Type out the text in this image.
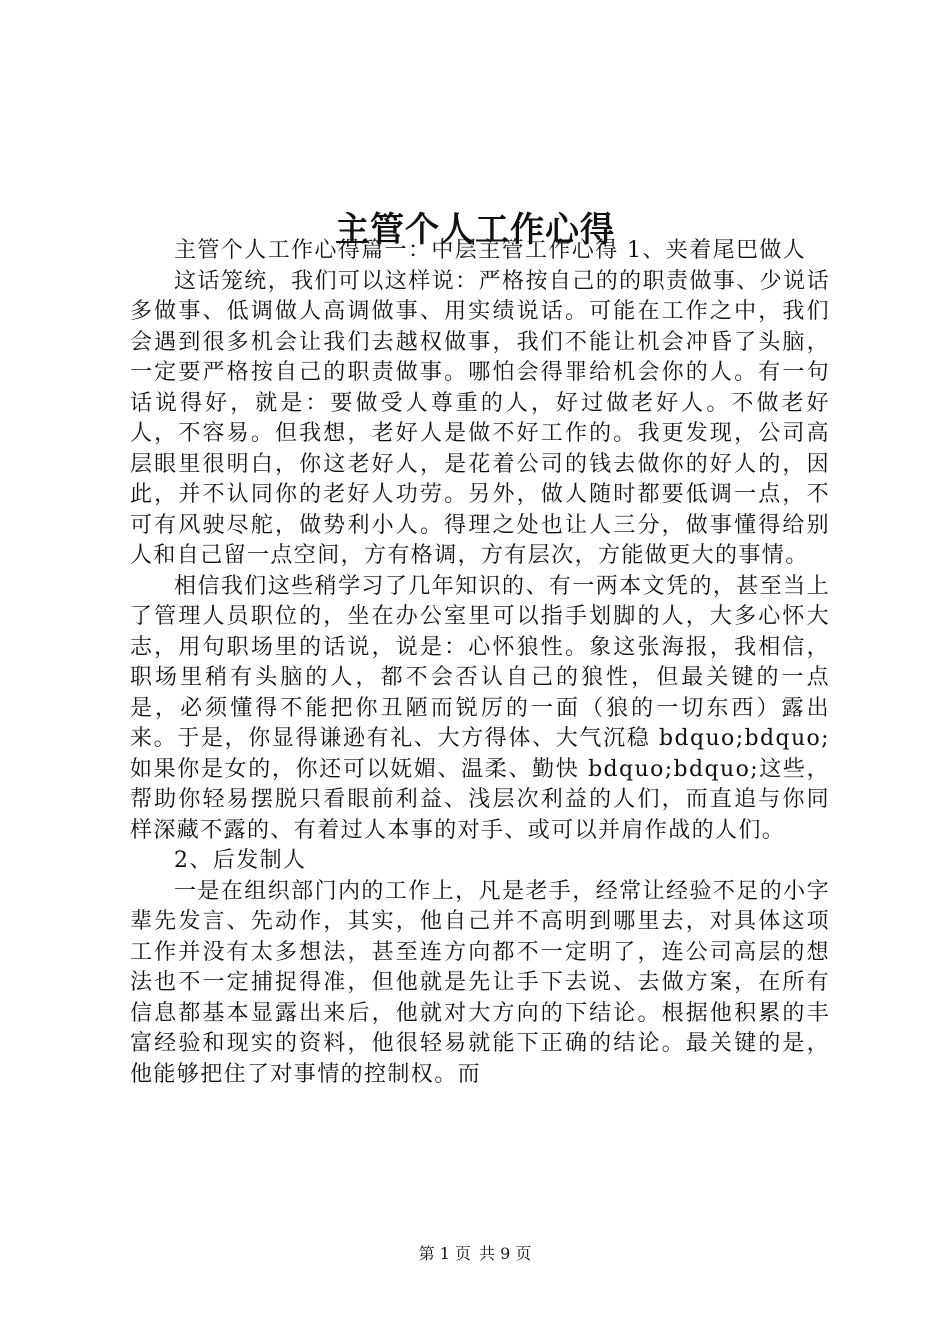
主管个人工作心得

主管个人工作心得篇一：中层主管工作心得 1、夹着尾巴做人

这话笼统，我们可以这样说：严格按自己的的职责做事、少说话多做事、低调做人高调做事、用实绩说话。可能在工作之中，我们会遇到很多机会让我们去越权做事，我们不能让机会冲昏了头脑，一定要严格按自己的职责做事。哪怕会得罪给机会你的人。有一句话说得好，就是：要做受人尊重的人，好过做老好人。不做老好人，不容易。但我想，老好人是做不好工作的。我更发现，公司高层眼里很明白，你这老好人，是花着公司的钱去做你的好人的，因此，并不认同你的老好人功劳。另外，做人随时都要低调一点，不可有风驶尽舵，做势利小人。得理之处也让人三分，做事懂得给别人和自己留一点空间，方有格调，方有层次，方能做更大的事情。

相信我们这些稍学习了几年知识的、有一两本文凭的，甚至当上了管理人员职位的，坐在办公室里可以指手划脚的人，大多心怀大志，用句职场里的话说，说是：心怀狼性。象这张海报，我相信，职场里稍有头脑的人，都不会否认自己的狼性，但最关键的一点是，必须懂得不能把你丑陋而锐厉的一面（狼的一切东西）露出来。于是，你显得谦逊有礼、大方得体、大气沉稳 bdquo;bdquo;如果你是女的，你还可以妩媚、温柔、勤快 bdquo;bdquo;这些，帮助你轻易摆脱只看眼前利益、浅层次利益的人们，而直追与你同样深藏不露的、有着过人本事的对手、或可以并肩作战的人们。

2、后发制人

一是在组织部门内的工作上，凡是老手，经常让经验不足的小字辈先发言、先动作，其实，他自己并不高明到哪里去，对具体这项工作并没有太多想法，甚至连方向都不一定明了，连公司高层的想法也不一定捕捉得准，但他就是先让手下去说、去做方案，在所有信息都基本显露出来后，他就对大方向的下结论。根据他积累的丰富经验和现实的资料，他很轻易就能下正确的结论。最关键的是，他能够把住了对事情的控制权。而

第 1 页 共 9 页
